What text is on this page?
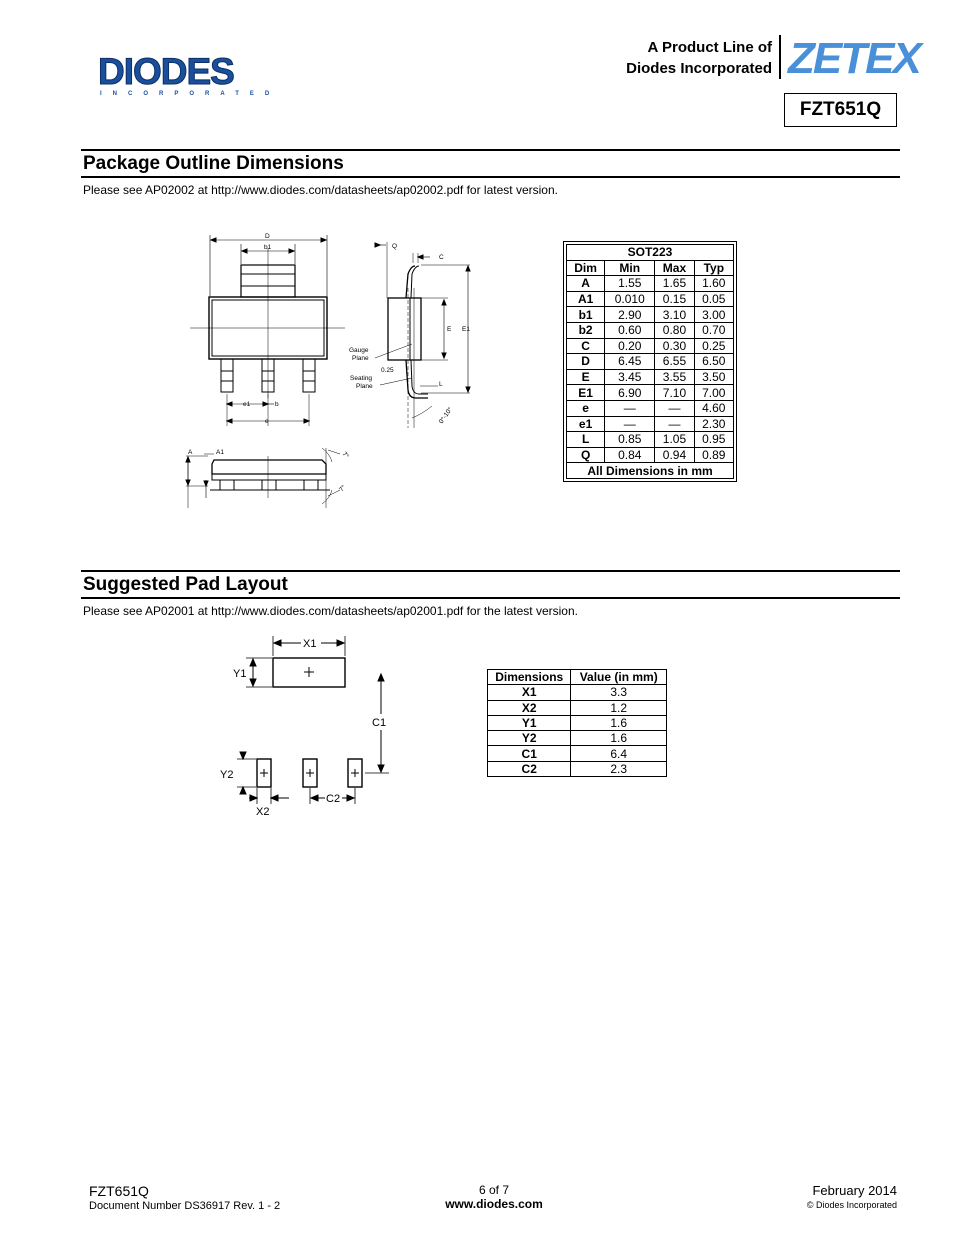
DIODES
INCORPORATED
A Product Line of
Diodes Incorporated ZETEX
FZT651Q
Package Outline Dimensions
Please see AP02002 at http://www.diodes.com/datasheets/ap02002.pdf for latest version.
D
b1
e1	b
e
Q
C
E E1
Gauge
Plane
0.25
Seating
Plane	L
0°-10°
A	A1	7°
7°
SOT223			
Dim	Min	Max	Typ
A	1.55	1.65	1.60
A1	0.010	0.15	0.05
b1	2.90	3.10	3.00
b2	0.60	0.80	0.70
C	0.20	0.30	0.25
D	6.45	6.55	6.50
E	3.45	3.55	3.50
E1	6.90	7.10	7.00
e	—	—	4.60
e1	—	—	2.30
L	0.85	1.05	0.95
Q	0.84	0.94	0.89
All Dimensions in mm			
Suggested Pad Layout
Please see AP02001 at http://www.diodes.com/datasheets/ap02001.pdf for the latest version.
X1
Y1
C1
Y2
X2
C2
Dimensions	Value (in mm)
X1	3.3
X2	1.2
Y1	1.6
Y2	1.6
C1	6.4
C2	2.3
FZT651Q
Document Number DS36917 Rev. 1 - 2
6 of 7
www.diodes.com
February 2014
© Diodes Incorporated
